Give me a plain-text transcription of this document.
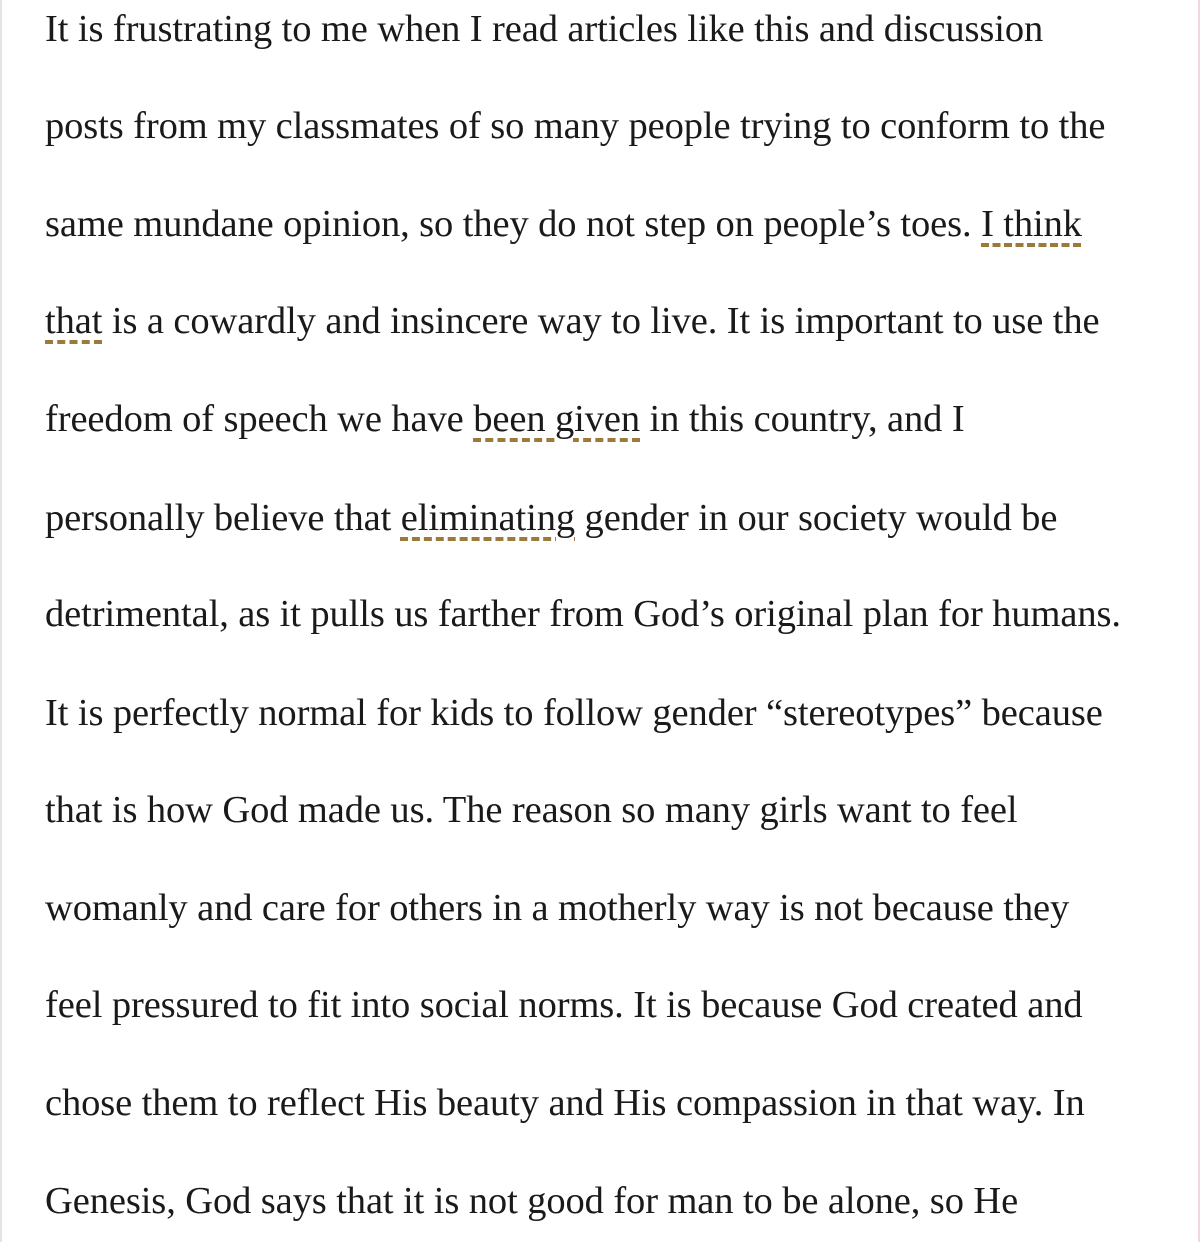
It is frustrating to me when I read articles like this and discussion
posts from my classmates of so many people trying to conform to the
same mundane opinion, so they do not step on people’s toes. I think
that is a cowardly and insincere way to live. It is important to use the
freedom of speech we have been given in this country, and I
personally believe that eliminating gender in our society would be
detrimental, as it pulls us farther from God’s original plan for humans.
It is perfectly normal for kids to follow gender “stereotypes” because
that is how God made us. The reason so many girls want to feel
womanly and care for others in a motherly way is not because they
feel pressured to fit into social norms. It is because God created and
chose them to reflect His beauty and His compassion in that way. In
Genesis, God says that it is not good for man to be alone, so He
